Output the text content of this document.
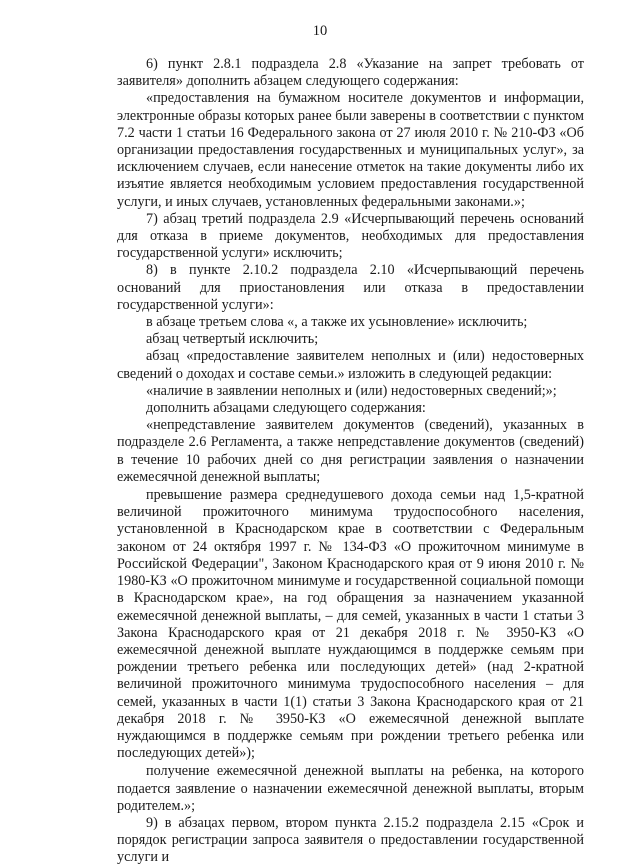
10

6) пункт 2.8.1 подраздела 2.8 «Указание на запрет требовать от заявителя» дополнить абзацем следующего содержания:

«предоставления на бумажном носителе документов и информации, электронные образы которых ранее были заверены в соответствии с пунктом 7.2 части 1 статьи 16 Федерального закона от 27 июля 2010 г. № 210-ФЗ «Об организации предоставления государственных и муниципальных услуг», за исключением случаев, если нанесение отметок на такие документы либо их изъятие является необходимым условием предоставления государственной услуги, и иных случаев, установленных федеральными законами.»;

7) абзац третий подраздела 2.9 «Исчерпывающий перечень оснований для отказа в приеме документов, необходимых для предоставления государственной услуги» исключить;

8) в пункте 2.10.2 подраздела 2.10 «Исчерпывающий перечень оснований для приостановления или отказа в предоставлении государственной услуги»:

в абзаце третьем слова «, а также их усыновление» исключить;

абзац четвертый исключить;

абзац «предоставление заявителем неполных и (или) недостоверных сведений о доходах и составе семьи.» изложить в следующей редакции:

«наличие в заявлении неполных и (или) недостоверных сведений;»;

дополнить абзацами следующего содержания:

«непредставление заявителем документов (сведений), указанных в подразделе 2.6 Регламента, а также непредставление документов (сведений) в течение 10 рабочих дней со дня регистрации заявления о назначении ежемесячной денежной выплаты;

превышение размера среднедушевого дохода семьи над 1,5-кратной величиной прожиточного минимума трудоспособного населения, установленной в Краснодарском крае в соответствии с Федеральным законом от 24 октября 1997 г. № 134-ФЗ «О прожиточном минимуме в Российской Федерации", Законом Краснодарского края от 9 июня 2010 г. № 1980-КЗ «О прожиточном минимуме и государственной социальной помощи в Краснодарском крае», на год обращения за назначением указанной ежемесячной денежной выплаты, – для семей, указанных в части 1 статьи 3 Закона Краснодарского края от 21 декабря 2018 г. № 3950-КЗ «О ежемесячной денежной выплате нуждающимся в поддержке семьям при рождении третьего ребенка или последующих детей» (над 2-кратной величиной прожиточного минимума трудоспособного населения – для семей, указанных в части 1(1) статьи 3 Закона Краснодарского края от 21 декабря 2018 г. № 3950-КЗ «О ежемесячной денежной выплате нуждающимся в поддержке семьям при рождении третьего ребенка или последующих детей»);

получение ежемесячной денежной выплаты на ребенка, на которого подается заявление о назначении ежемесячной денежной выплаты, вторым родителем.»;

9) в абзацах первом, втором пункта 2.15.2 подраздела 2.15 «Срок и порядок регистрации запроса заявителя о предоставлении государственной услуги и
